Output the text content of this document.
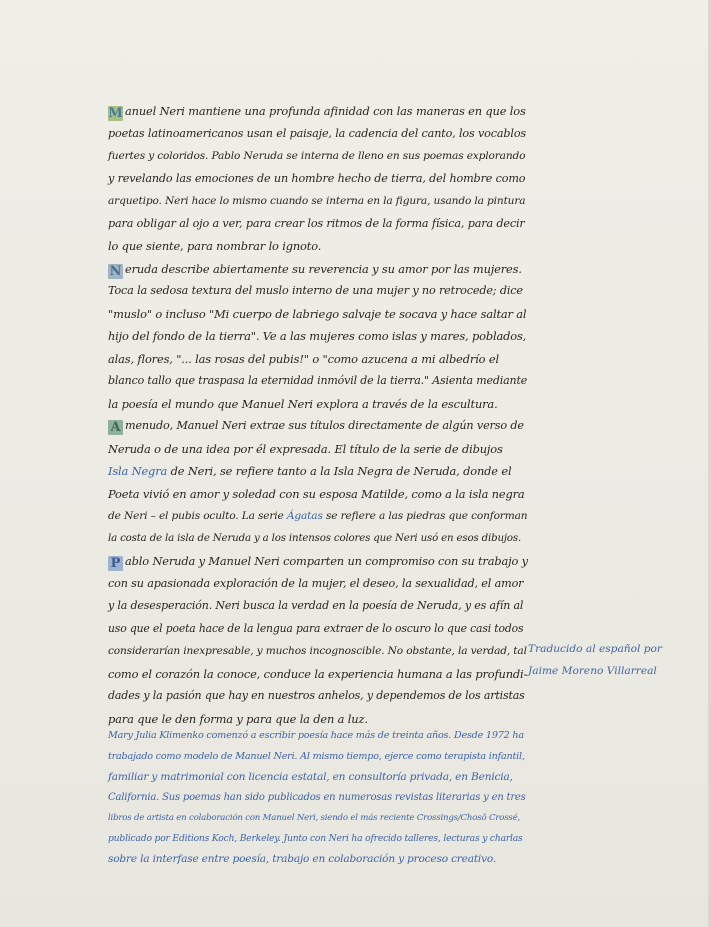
M anuel Neri mantiene una profunda afinidad con las maneras en que los
poetas latinoamericanos usan el paisaje, la cadencia del canto, los vocablos
fuertes y coloridos. Pablo Neruda se interna de lleno en sus poemas explorando
y revelando las emociones de un hombre hecho de tierra, del hombre como
arquetipo. Neri hace lo mismo cuando se interna en la figura, usando la pintura
para obligar al ojo a ver, para crear los ritmos de la forma física, para decir
lo que siente, para nombrar lo ignoto.
N eruda describe abiertamente su reverencia y su amor por las mujeres.
Toca la sedosa textura del muslo interno de una mujer y no retrocede; dice
"muslo" o incluso "Mi cuerpo de labriego salvaje te socava y hace saltar al
hijo del fondo de la tierra". Ve a las mujeres como islas y mares, poblados,
alas, flores, "... las rosas del pubis!" o "como azucena a mi albedrío el
blanco tallo que traspasa la eternidad inmóvil de la tierra." Asienta mediante
la poesía el mundo que Manuel Neri explora a través de la escultura.
A menudo, Manuel Neri extrae sus títulos directamente de algún verso de
Neruda o de una idea por él expresada. El título de la serie de dibujos
Isla Negra de Neri, se refiere tanto a la Isla Negra de Neruda, donde el
Poeta vivió en amor y soledad con su esposa Matilde, como a la isla negra
de Neri – el pubis oculto. La serie Ágatas se refiere a las piedras que conforman
la costa de la isla de Neruda y a los intensos colores que Neri usó en esos dibujos.
P ablo Neruda y Manuel Neri comparten un compromiso con su trabajo y
con su apasionada exploración de la mujer, el deseo, la sexualidad, el amor
y la desesperación. Neri busca la verdad en la poesía de Neruda, y es afín al
uso que el poeta hace de la lengua para extraer de lo oscuro lo que casi todos
considerarían inexpresable, y muchos incognoscible. No obstante, la verdad, tal
como el corazón la conoce, conduce la experiencia humana a las profundi-
dades y la pasión que hay en nuestros anhelos, y dependemos de los artistas
para que le den forma y para que la den a luz.
Traducido al español por
Jaime Moreno Villarreal
Mary Julia Klimenko comenzó a escribir poesía hace más de treinta años. Desde 1972 ha
trabajado como modelo de Manuel Neri. Al mismo tiempo, ejerce como terapista infantil,
familiar y matrimonial con licencia estatal, en consultoría privada, en Benicia,
California. Sus poemas han sido publicados en numerosas revistas literarias y en tres
libros de artista en colaboración con Manuel Neri, siendo el más reciente Crossings/Chosŏ Crossé,
publicado por Editions Koch, Berkeley. Junto con Neri ha ofrecido talleres, lecturas y charlas
sobre la interfase entre poesía, trabajo en colaboración y proceso creativo.
